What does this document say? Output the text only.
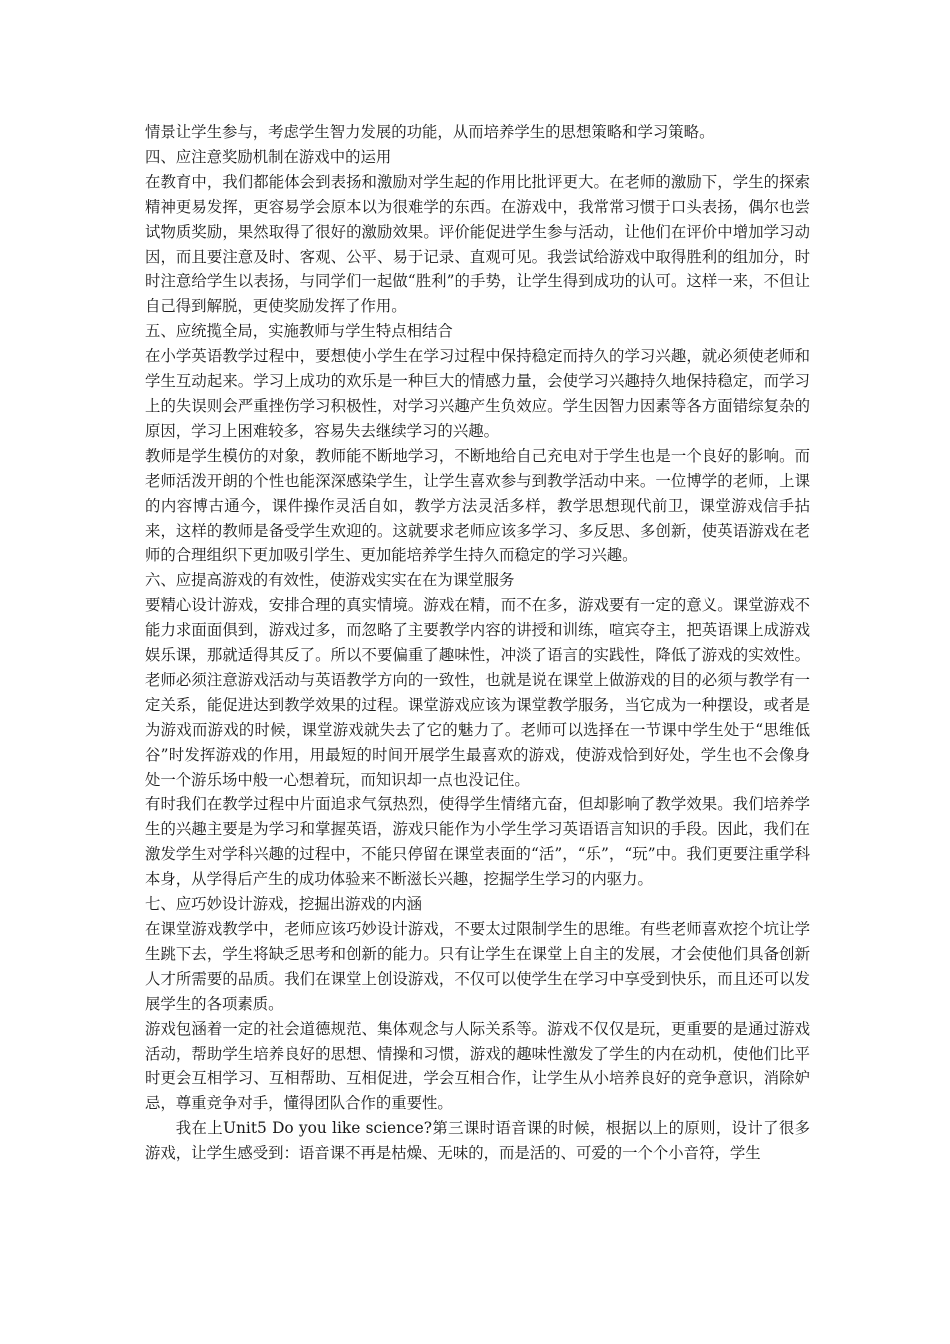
情景让学生参与，考虑学生智力发展的功能，从而培养学生的思想策略和学习策略。

四、应注意奖励机制在游戏中的运用

在教育中，我们都能体会到表扬和激励对学生起的作用比批评更大。在老师的激励下，学生的探索精神更易发挥，更容易学会原本以为很难学的东西。在游戏中，我常常习惯于口头表扬，偶尔也尝试物质奖励，果然取得了很好的激励效果。评价能促进学生参与活动，让他们在评价中增加学习动因，而且要注意及时、客观、公平、易于记录、直观可见。我尝试给游戏中取得胜利的组加分，时时注意给学生以表扬，与同学们一起做“胜利”的手势，让学生得到成功的认可。这样一来，不但让自己得到解脱，更使奖励发挥了作用。

五、应统揽全局，实施教师与学生特点相结合

在小学英语教学过程中，要想使小学生在学习过程中保持稳定而持久的学习兴趣，就必须使老师和学生互动起来。学习上成功的欢乐是一种巨大的情感力量，会使学习兴趣持久地保持稳定，而学习上的失误则会严重挫伤学习积极性，对学习兴趣产生负效应。学生因智力因素等各方面错综复杂的原因，学习上困难较多，容易失去继续学习的兴趣。

教师是学生模仿的对象，教师能不断地学习，不断地给自己充电对于学生也是一个良好的影响。而老师活泼开朗的个性也能深深感染学生，让学生喜欢参与到教学活动中来。一位博学的老师，上课的内容博古通今，课件操作灵活自如，教学方法灵活多样，教学思想现代前卫，课堂游戏信手拈来，这样的教师是备受学生欢迎的。这就要求老师应该多学习、多反思、多创新，使英语游戏在老师的合理组织下更加吸引学生、更加能培养学生持久而稳定的学习兴趣。

六、应提高游戏的有效性，使游戏实实在在为课堂服务

要精心设计游戏，安排合理的真实情境。游戏在精，而不在多，游戏要有一定的意义。课堂游戏不能力求面面俱到，游戏过多，而忽略了主要教学内容的讲授和训练，喧宾夺主，把英语课上成游戏娱乐课，那就适得其反了。所以不要偏重了趣味性，冲淡了语言的实践性，降低了游戏的实效性。老师必须注意游戏活动与英语教学方向的一致性，也就是说在课堂上做游戏的目的必须与教学有一定关系，能促进达到教学效果的过程。课堂游戏应该为课堂教学服务，当它成为一种摆设，或者是为游戏而游戏的时候，课堂游戏就失去了它的魅力了。老师可以选择在一节课中学生处于“思维低谷”时发挥游戏的作用，用最短的时间开展学生最喜欢的游戏，使游戏恰到好处，学生也不会像身处一个游乐场中般一心想着玩，而知识却一点也没记住。

有时我们在教学过程中片面追求气氛热烈，使得学生情绪亢奋，但却影响了教学效果。我们培养学生的兴趣主要是为学习和掌握英语，游戏只能作为小学生学习英语语言知识的手段。因此，我们在激发学生对学科兴趣的过程中，不能只停留在课堂表面的“活”，“乐”，“玩”中。我们更要注重学科本身，从学得后产生的成功体验来不断滋长兴趣，挖掘学生学习的内驱力。

七、应巧妙设计游戏，挖掘出游戏的内涵

在课堂游戏教学中，老师应该巧妙设计游戏，不要太过限制学生的思维。有些老师喜欢挖个坑让学生跳下去，学生将缺乏思考和创新的能力。只有让学生在课堂上自主的发展，才会使他们具备创新人才所需要的品质。我们在课堂上创设游戏，不仅可以使学生在学习中享受到快乐，而且还可以发展学生的各项素质。

游戏包涵着一定的社会道德规范、集体观念与人际关系等。游戏不仅仅是玩，更重要的是通过游戏活动，帮助学生培养良好的思想、情操和习惯，游戏的趣味性激发了学生的内在动机，使他们比平时更会互相学习、互相帮助、互相促进，学会互相合作，让学生从小培养良好的竞争意识，消除妒忌，尊重竞争对手，懂得团队合作的重要性。

我在上Unit5 Do you like science?第三课时语音课的时候，根据以上的原则，设计了很多游戏，让学生感受到：语音课不再是枯燥、无味的，而是活的、可爱的一个个小音符，学生
